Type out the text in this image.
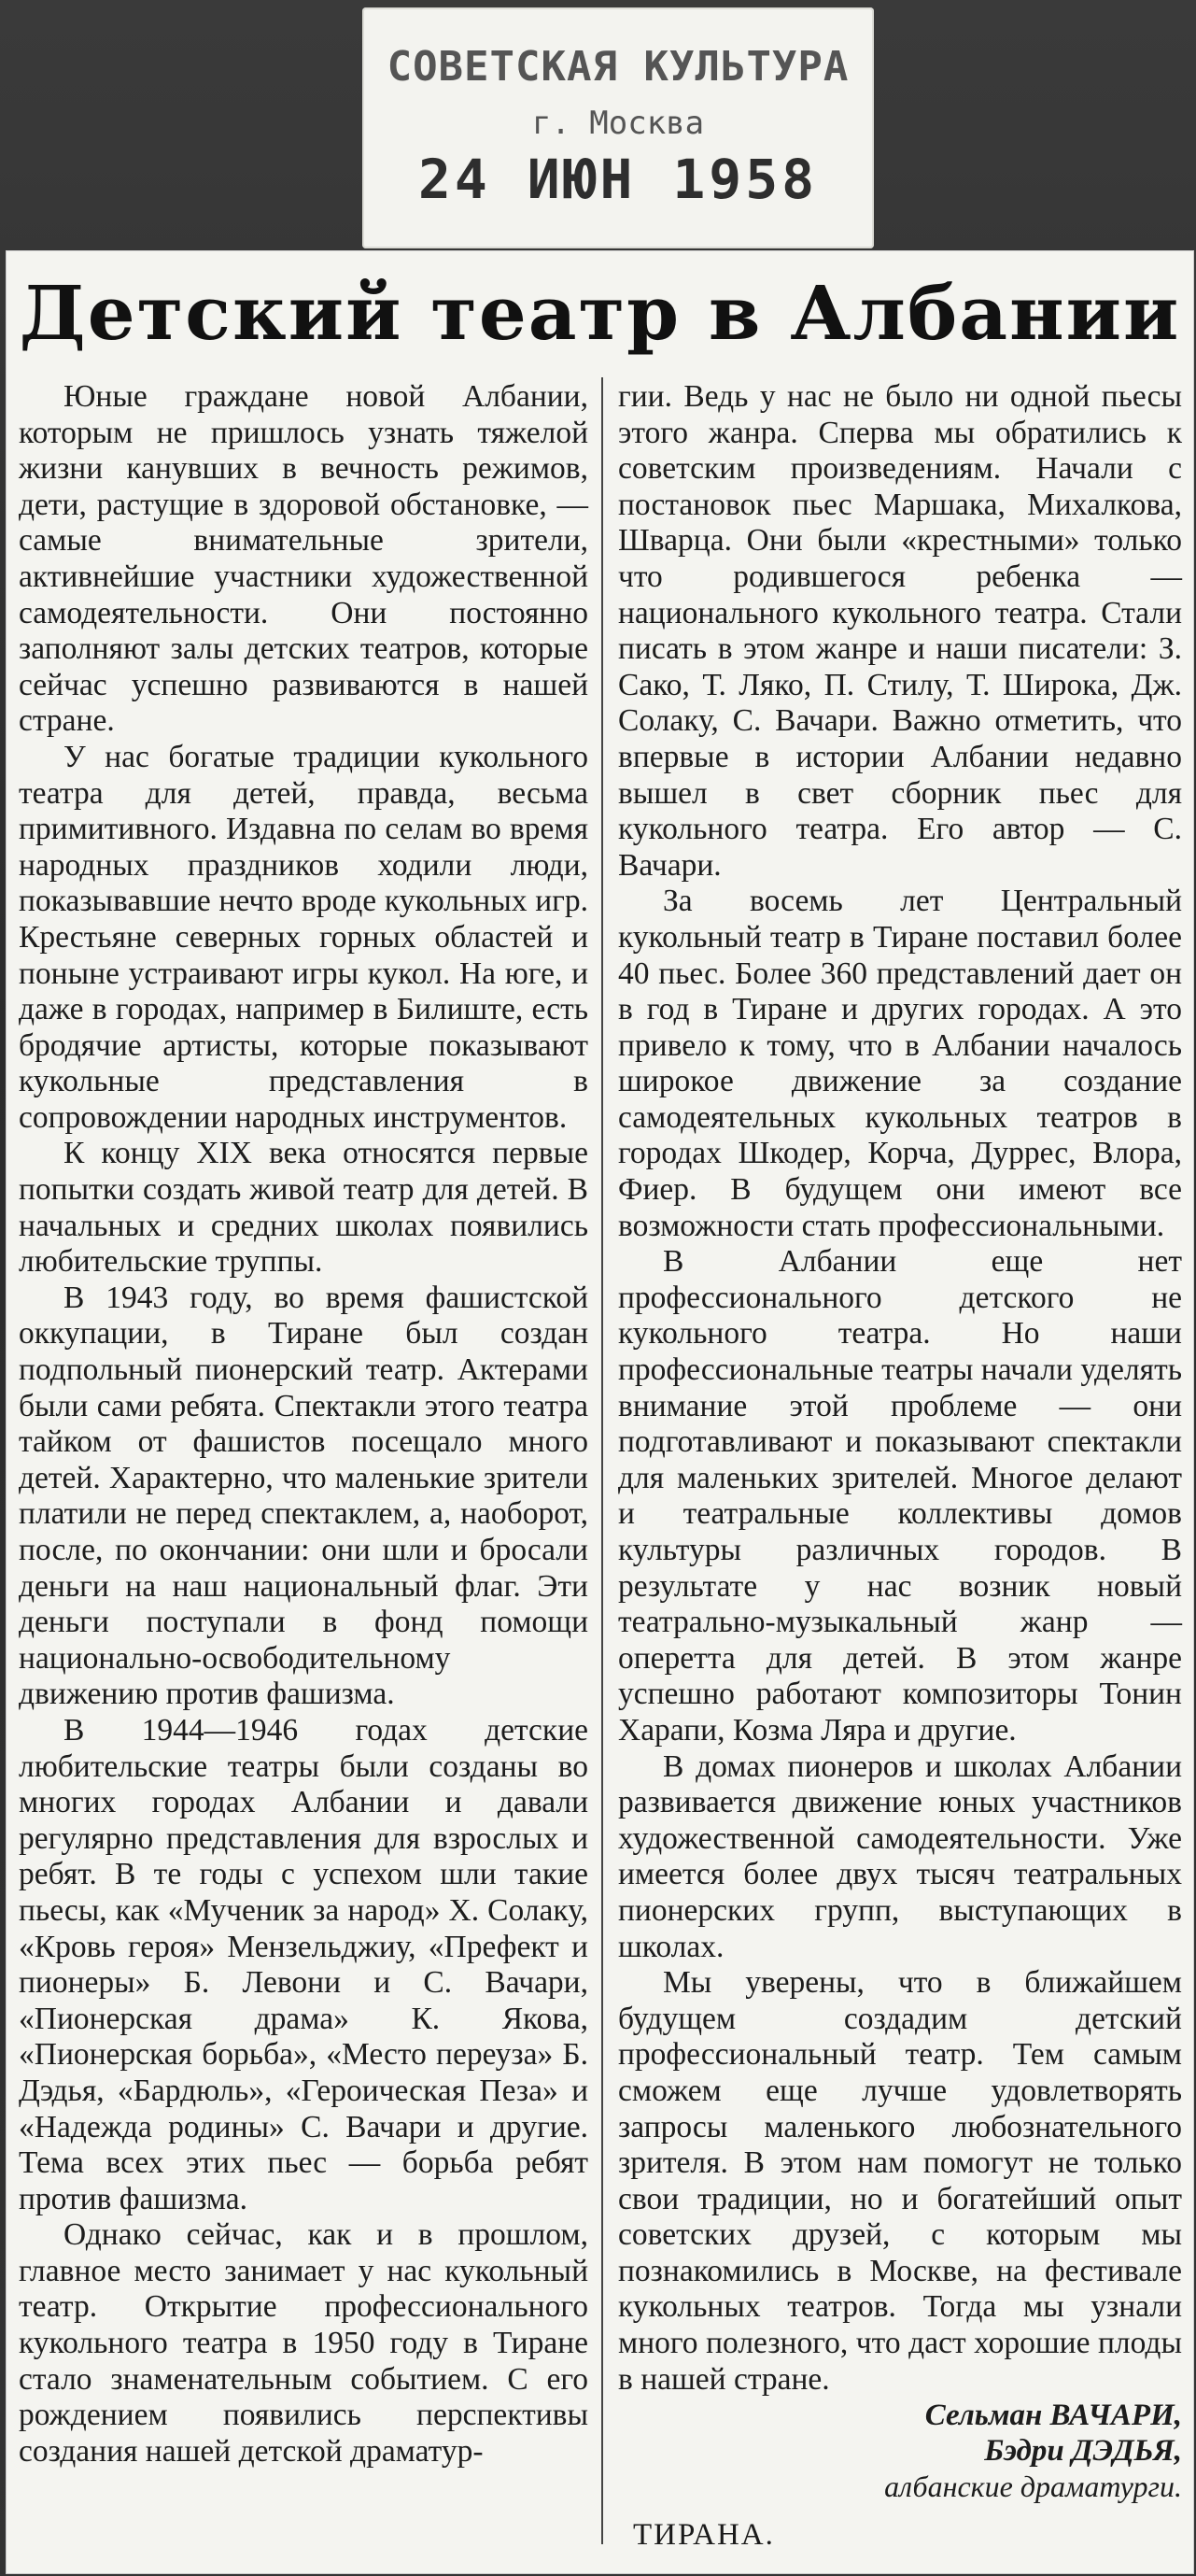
СОВЕТСКАЯ КУЛЬТУРА
г. Москва
24 ИЮН 1958
Детский театр в Албании

Юные граждане новой Албании, которым не пришлось узнать тяжелой жизни канувших в вечность режимов, дети, растущие в здоровой обстановке, — самые внимательные зрители, активнейшие участники художественной самодеятельности. Они постоянно заполняют залы детских театров, которые сейчас успешно развиваются в нашей стране.

У нас богатые традиции кукольного театра для детей, правда, весьма примитивного. Издавна по селам во время народных праздников ходили люди, показывавшие нечто вроде кукольных игр. Крестьяне северных горных областей и поныне устраивают игры кукол. На юге, и даже в городах, например в Билиште, есть бродячие артисты, которые показывают кукольные представления в сопровождении народных инструментов.

К концу XIX века относятся первые попытки создать живой театр для детей. В начальных и средних школах появились любительские труппы.

В 1943 году, во время фашистской оккупации, в Тиране был создан подпольный пионерский театр. Актерами были сами ребята. Спектакли этого театра тайком от фашистов посещало много детей. Характерно, что маленькие зрители платили не перед спектаклем, а, наоборот, после, по окончании: они шли и бросали деньги на наш национальный флаг. Эти деньги поступали в фонд помощи национально-освободительному движению против фашизма.

В 1944—1946 годах детские любительские театры были созданы во многих городах Албании и давали регулярно представления для взрослых и ребят. В те годы с успехом шли такие пьесы, как «Мученик за народ» Х. Солаку, «Кровь героя» Мензельджиу, «Префект и пионеры» Б. Левони и С. Вачари, «Пионерская драма» К. Якова, «Пионерская борьба», «Место переуза» Б. Дэдья, «Бардюль», «Героическая Пеза» и «Надежда родины» С. Вачари и другие. Тема всех этих пьес — борьба ребят против фашизма.

Однако сейчас, как и в прошлом, главное место занимает у нас кукольный театр. Открытие профессионального кукольного театра в 1950 году в Тиране стало знаменательным событием. С его рождением появились перспективы создания нашей детской драматур-

гии. Ведь у нас не было ни одной пьесы этого жанра. Сперва мы обратились к советским произведениям. Начали с постановок пьес Маршака, Михалкова, Шварца. Они были «крестными» только что родившегося ребенка — национального кукольного театра. Стали писать в этом жанре и наши писатели: З. Сако, Т. Ляко, П. Стилу, Т. Широка, Дж. Солаку, С. Вачари. Важно отметить, что впервые в истории Албании недавно вышел в свет сборник пьес для кукольного театра. Его автор — С. Вачари.

За восемь лет Центральный кукольный театр в Тиране поставил более 40 пьес. Более 360 представлений дает он в год в Тиране и других городах. А это привело к тому, что в Албании началось широкое движение за создание самодеятельных кукольных театров в городах Шкодер, Корча, Дуррес, Влора, Фиер. В будущем они имеют все возможности стать профессиональными.

В Албании еще нет профессионального детского не кукольного театра. Но наши профессиональные театры начали уделять внимание этой проблеме — они подготавливают и показывают спектакли для маленьких зрителей. Многое делают и театральные коллективы домов культуры различных городов. В результате у нас возник новый театрально-музыкальный жанр — оперетта для детей. В этом жанре успешно работают композиторы Тонин Харапи, Козма Ляра и другие.

В домах пионеров и школах Албании развивается движение юных участников художественной самодеятельности. Уже имеется более двух тысяч театральных пионерских групп, выступающих в школах.

Мы уверены, что в ближайшем будущем создадим детский профессиональный театр. Тем самым сможем еще лучше удовлетворять запросы маленького любознательного зрителя. В этом нам помогут не только свои традиции, но и богатейший опыт советских друзей, с которым мы познакомились в Москве, на фестивале кукольных театров. Тогда мы узнали много полезного, что даст хорошие плоды в нашей стране.

Сельман ВАЧАРИ,
Бэдри ДЭДЬЯ,
албанские драматурги.
ТИРАНА.
